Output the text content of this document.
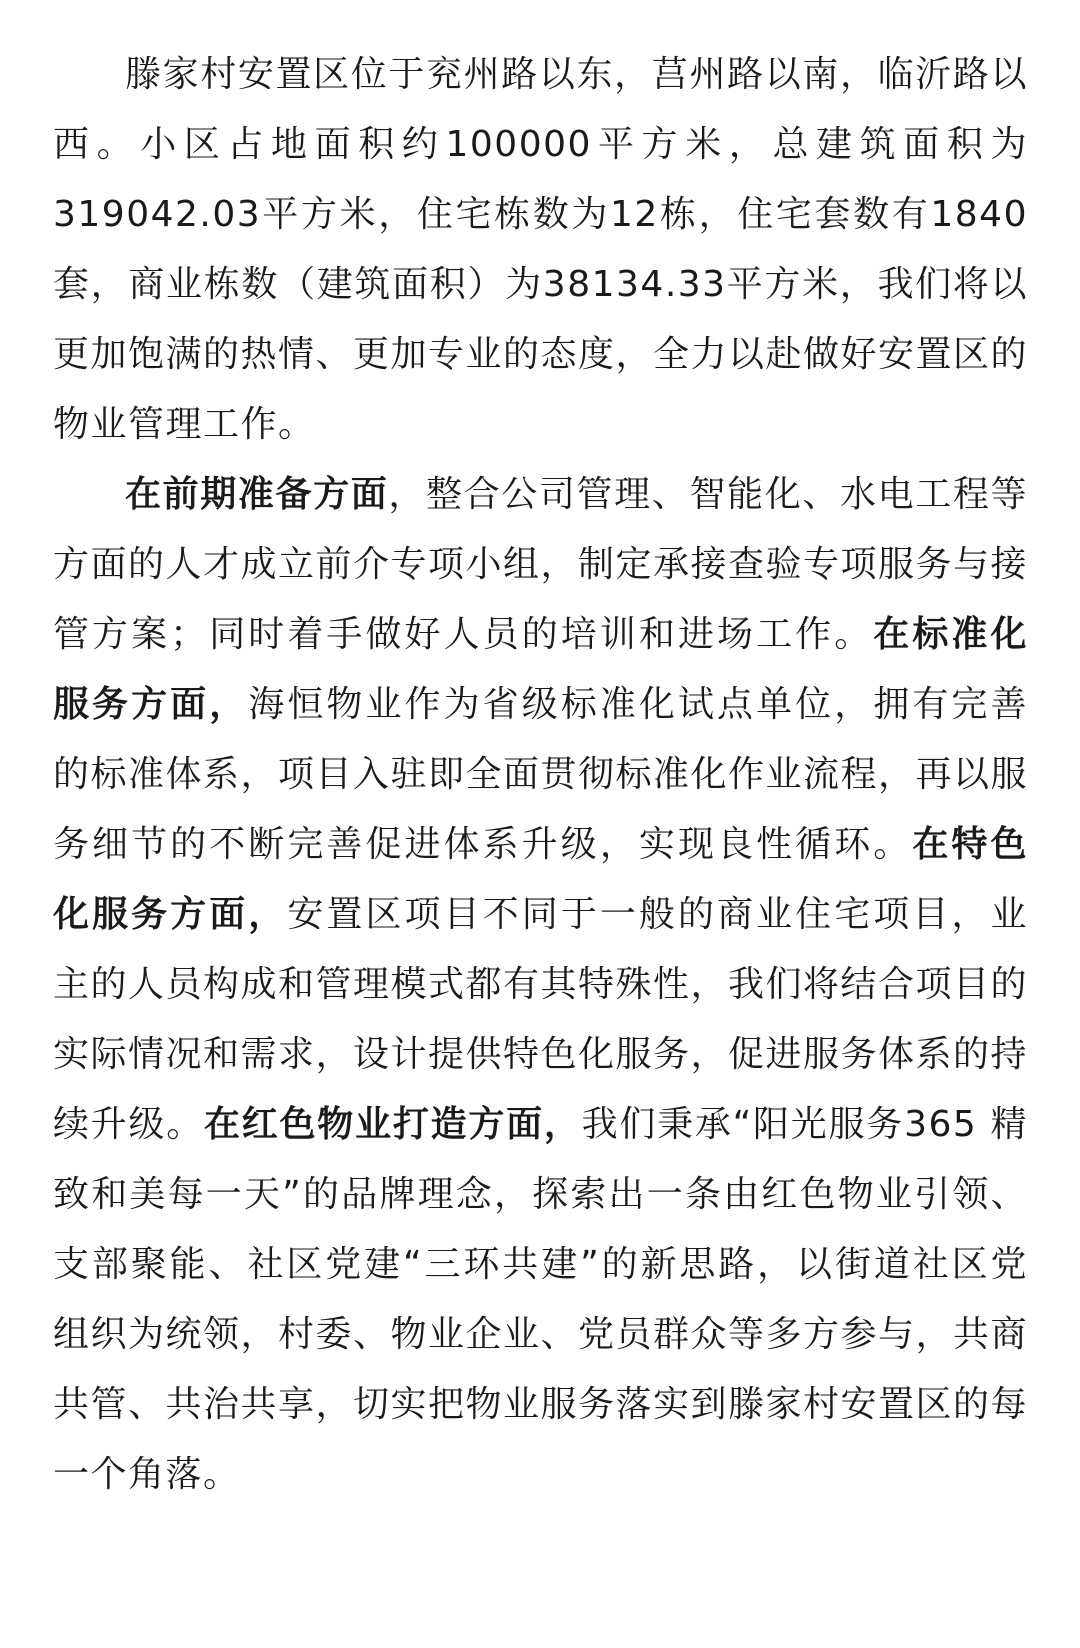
滕家村安置区位于兖州路以东，莒州路以南，临沂路以西。小区占地面积约100000平方米，总建筑面积为319042.03平方米，住宅栋数为12栋，住宅套数有1840套，商业栋数（建筑面积）为38134.33平方米，我们将以更加饱满的热情、更加专业的态度，全力以赴做好安置区的物业管理工作。

在前期准备方面，整合公司管理、智能化、水电工程等方面的人才成立前介专项小组，制定承接查验专项服务与接管方案；同时着手做好人员的培训和进场工作。在标准化服务方面，海恒物业作为省级标准化试点单位，拥有完善的标准体系，项目入驻即全面贯彻标准化作业流程，再以服务细节的不断完善促进体系升级，实现良性循环。在特色化服务方面，安置区项目不同于一般的商业住宅项目，业主的人员构成和管理模式都有其特殊性，我们将结合项目的实际情况和需求，设计提供特色化服务，促进服务体系的持续升级。在红色物业打造方面，我们秉承“阳光服务365 精致和美每一天”的品牌理念，探索出一条由红色物业引领、支部聚能、社区党建“三环共建”的新思路，以街道社区党组织为统领，村委、物业企业、党员群众等多方参与，共商共管、共治共享，切实把物业服务落实到滕家村安置区的每一个角落。
